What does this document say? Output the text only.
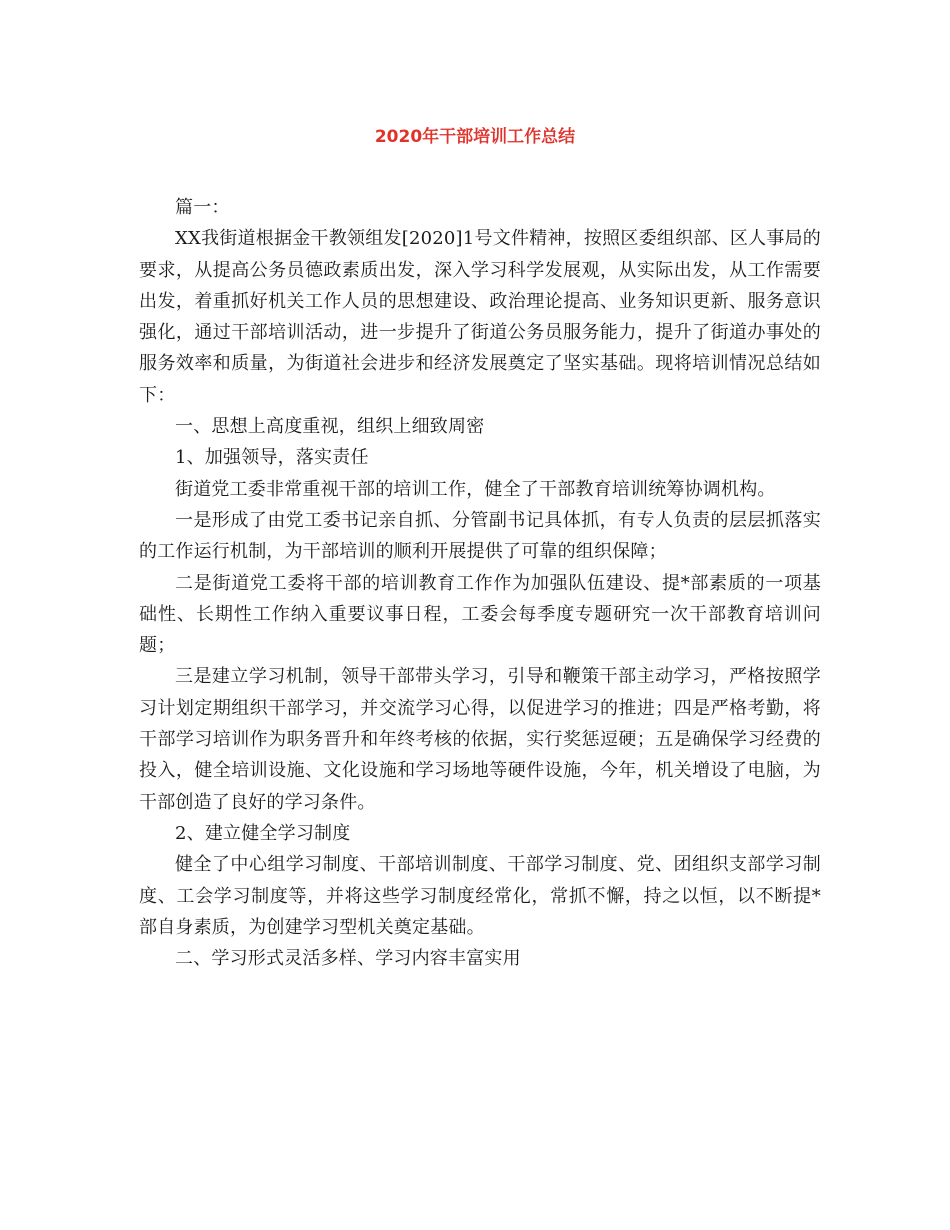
2020年干部培训工作总结

篇一：

XX我街道根据金干教领组发[2020]1号文件精神，按照区委组织部、区人事局的要求，从提高公务员德政素质出发，深入学习科学发展观，从实际出发，从工作需要出发，着重抓好机关工作人员的思想建设、政治理论提高、业务知识更新、服务意识强化，通过干部培训活动，进一步提升了街道公务员服务能力，提升了街道办事处的服务效率和质量，为街道社会进步和经济发展奠定了坚实基础。现将培训情况总结如下：

一、思想上高度重视，组织上细致周密

1、加强领导，落实责任

街道党工委非常重视干部的培训工作，健全了干部教育培训统筹协调机构。

一是形成了由党工委书记亲自抓、分管副书记具体抓，有专人负责的层层抓落实的工作运行机制，为干部培训的顺利开展提供了可靠的组织保障；

二是街道党工委将干部的培训教育工作作为加强队伍建设、提*部素质的一项基础性、长期性工作纳入重要议事日程，工委会每季度专题研究一次干部教育培训问题；

三是建立学习机制，领导干部带头学习，引导和鞭策干部主动学习，严格按照学习计划定期组织干部学习，并交流学习心得，以促进学习的推进；四是严格考勤，将干部学习培训作为职务晋升和年终考核的依据，实行奖惩逗硬；五是确保学习经费的投入，健全培训设施、文化设施和学习场地等硬件设施，今年，机关增设了电脑，为干部创造了良好的学习条件。

2、建立健全学习制度

健全了中心组学习制度、干部培训制度、干部学习制度、党、团组织支部学习制度、工会学习制度等，并将这些学习制度经常化，常抓不懈，持之以恒，以不断提*部自身素质，为创建学习型机关奠定基础。

二、学习形式灵活多样、学习内容丰富实用
